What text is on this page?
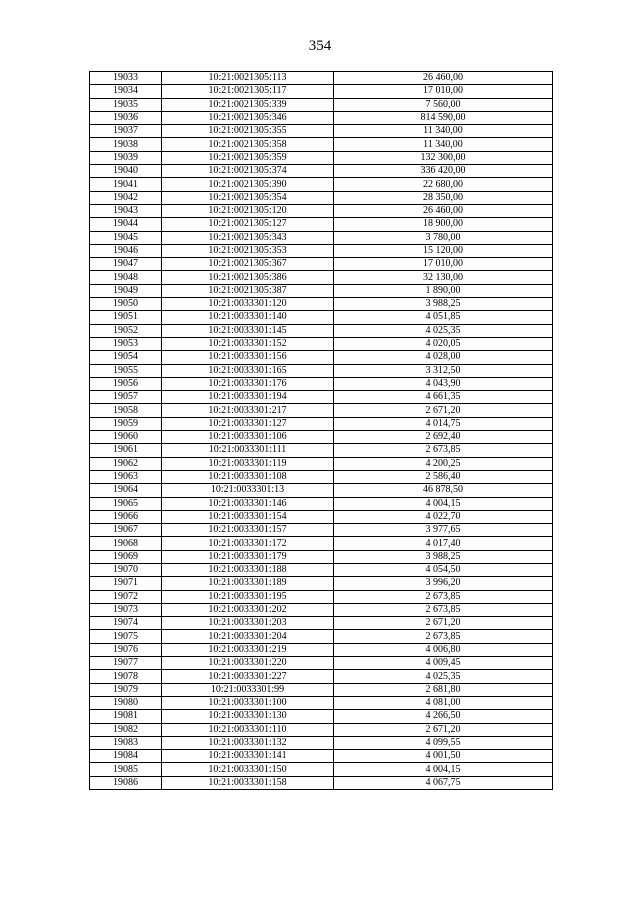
354
19033	10:21:0021305:113	26 460,00
19034	10:21:0021305:117	17 010,00
19035	10:21:0021305:339	7 560,00
19036	10:21:0021305:346	814 590,00
19037	10:21:0021305:355	11 340,00
19038	10:21:0021305:358	11 340,00
19039	10:21:0021305:359	132 300,00
19040	10:21:0021305:374	336 420,00
19041	10:21:0021305:390	22 680,00
19042	10:21:0021305:354	28 350,00
19043	10:21:0021305:120	26 460,00
19044	10:21:0021305:127	18 900,00
19045	10:21:0021305:343	3 780,00
19046	10:21:0021305:353	15 120,00
19047	10:21:0021305:367	17 010,00
19048	10:21:0021305:386	32 130,00
19049	10:21:0021305:387	1 890,00
19050	10:21:0033301:120	3 988,25
19051	10:21:0033301:140	4 051,85
19052	10:21:0033301:145	4 025,35
19053	10:21:0033301:152	4 020,05
19054	10:21:0033301:156	4 028,00
19055	10:21:0033301:165	3 312,50
19056	10:21:0033301:176	4 043,90
19057	10:21:0033301:194	4 661,35
19058	10:21:0033301:217	2 671,20
19059	10:21:0033301:127	4 014,75
19060	10:21:0033301:106	2 692,40
19061	10:21:0033301:111	2 673,85
19062	10:21:0033301:119	4 200,25
19063	10:21:0033301:108	2 586,40
19064	10:21:0033301:13	46 878,50
19065	10:21:0033301:146	4 004,15
19066	10:21:0033301:154	4 022,70
19067	10:21:0033301:157	3 977,65
19068	10:21:0033301:172	4 017,40
19069	10:21:0033301:179	3 988,25
19070	10:21:0033301:188	4 054,50
19071	10:21:0033301:189	3 996,20
19072	10:21:0033301:195	2 673,85
19073	10:21:0033301:202	2 673,85
19074	10:21:0033301:203	2 671,20
19075	10:21:0033301:204	2 673,85
19076	10:21:0033301:219	4 006,80
19077	10:21:0033301:220	4 009,45
19078	10:21:0033301:227	4 025,35
19079	10:21:0033301:99	2 681,80
19080	10:21:0033301:100	4 081,00
19081	10:21:0033301:130	4 266,50
19082	10:21:0033301:110	2 671,20
19083	10:21:0033301:132	4 099,55
19084	10:21:0033301:141	4 001,50
19085	10:21:0033301:150	4 004,15
19086	10:21:0033301:158	4 067,75
